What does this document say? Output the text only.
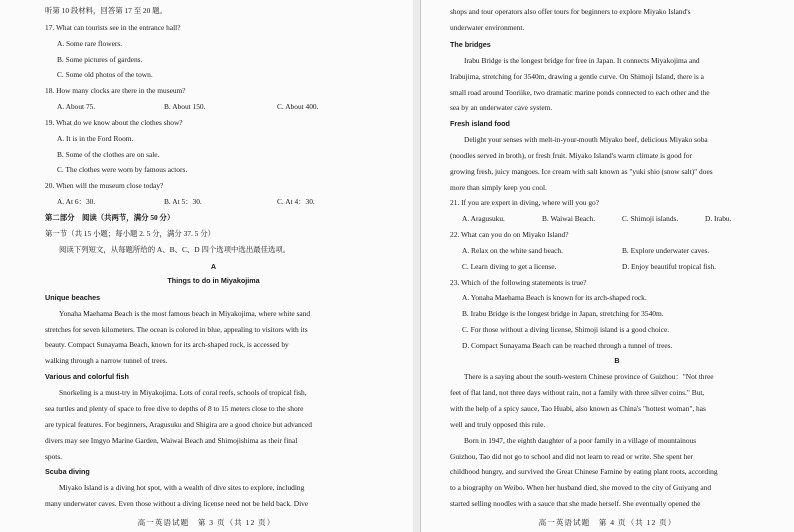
听第 10 段材料，回答第 17 至 20 题。
17. What can tourists see in the entrance hall?
A. Some rare flowers.
B. Some pictures of gardens.
C. Some old photos of the town.
18. How many clocks are there in the museum?
A. About 75.	B. About 150.	C. About 400.
19. What do we know about the clothes show?
A. It is in the Ford Room.
B. Some of the clothes are on sale.
C. The clothes were worn by famous actors.
20. When will the museum close today?
A. At 6：30.	B. At 5：30.	C. At 4：30.
第二部分　阅读（共两节，满分 50 分）
第一节（共 15 小题；每小题 2. 5 分，满分 37. 5 分）
阅读下列短文，从每题所给的 A、B、C、D 四个选项中选出最佳选项。
A
Things to do in Miyakojima
Unique beaches
Yonaha Maehama Beach is the most famous beach in Miyakojima, where white sand
stretches for seven kilometers. The ocean is colored in blue, appealing to visitors with its
beauty. Compact Sunayama Beach, known for its arch-shaped rock, is accessed by
walking through a narrow tunnel of trees.
Various and colorful fish
Snorkeling is a must-try in Miyakojima. Lots of coral reefs, schools of tropical fish,
sea turtles and plenty of space to free dive to depths of 8 to 15 meters close to the shore
are typical features. For beginners, Aragusuku and Shigira are a good choice but advanced
divers may see Imgyo Marine Garden, Waiwai Beach and Shimojishima as their final
spots.
Scuba diving
Miyako Island is a diving hot spot, with a wealth of dive sites to explore, including
many underwater caves. Even those without a diving license need not be held back. Dive
高一英语试题　第 3 页（共 12 页）
shops and tour operators also offer tours for beginners to explore Miyako Island's
underwater environment.
The bridges
Irabu Bridge is the longest bridge for free in Japan. It connects Miyakojima and
Irabujima, stretching for 3540m, drawing a gentle curve. On Shimoji Island, there is a
small road around Tooriike, two dramatic marine ponds connected to each other and the
sea by an underwater cave system.
Fresh island food
Delight your senses with melt-in-your-mouth Miyako beef, delicious Miyako soba
(noodles served in broth), or fresh fruit. Miyako Island's warm climate is good for
growing fresh, juicy mangoes. Ice cream with salt known as "yuki shio (snow salt)" does
more than simply keep you cool.
21. If you are expert in diving, where will you go?
A. Aragusuku.	B. Waiwai Beach.	C. Shimoji islands.	D. Irabu.
22. What can you do on Miyako Island?
A. Relax on the white sand beach.	B. Explore underwater caves.
C. Learn diving to get a license.	D. Enjoy beautiful tropical fish.
23. Which of the following statements is true?
A. Yonaha Maehama Beach is known for its arch-shaped rock.
B. Irabu Bridge is the longest bridge in Japan, stretching for 3540m.
C. For those without a diving license, Shimoji island is a good choice.
D. Compact Sunayama Beach can be reached through a tunnel of trees.
B
There is a saying about the south-western Chinese province of Guizhou："Not three
feet of flat land, not three days without rain, not a family with three silver coins." But,
with the help of a spicy sauce, Tao Huabi, also known as China's "hottest woman", has
well and truly opposed this rule.
Born in 1947, the eighth daughter of a poor family in a village of mountainous
Guizhou, Tao did not go to school and did not learn to read or write. She spent her
childhood hungry, and survived the Great Chinese Famine by eating plant roots, according
to a biography on Weibo. When her husband died, she moved to the city of Guiyang and
started selling noodles with a sauce that she made herself. She eventually opened the
高一英语试题　第 4 页（共 12 页）
